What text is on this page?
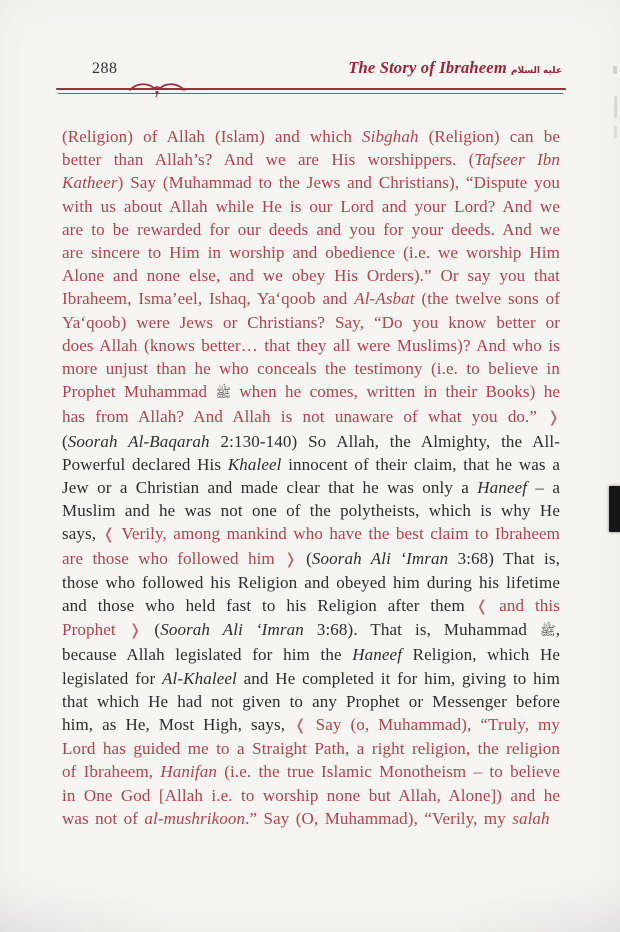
288	The Story of Ibraheem عليه السلام

(Religion) of Allah (Islam) and which Sibghah (Religion) can be better than Allah’s? And we are His worshippers. (Tafseer Ibn Katheer) Say (Muhammad to the Jews and Christians), “Dispute you with us about Allah while He is our Lord and your Lord? And we are to be rewarded for our deeds and you for your deeds. And we are sincere to Him in worship and obedience (i.e. we worship Him Alone and none else, and we obey His Orders).” Or say you that Ibraheem, Isma’eel, Ishaq, Ya‘qoob and Al-Asbat (the twelve sons of Ya‘qoob) were Jews or Christians? Say, “Do you know better or does Allah (knows better… that they all were Muslims)? And who is more unjust than he who conceals the testimony (i.e. to believe in Prophet Muhammad ﷺ when he comes, written in their Books) he has from Allah? And Allah is not unaware of what you do.” ❭ (Soorah Al-Baqarah 2:130-140) So Allah, the Almighty, the All-Powerful declared His Khaleel innocent of their claim, that he was a Jew or a Christian and made clear that he was only a Haneef – a Muslim and he was not one of the polytheists, which is why He says, ❬ Verily, among mankind who have the best claim to Ibraheem are those who followed him ❭ (Soorah Ali ‘Imran 3:68) That is, those who followed his Religion and obeyed him during his lifetime and those who held fast to his Religion after them ❬ and this Prophet ❭ (Soorah Ali ‘Imran 3:68). That is, Muhammad ﷺ, because Allah legislated for him the Haneef Religion, which He legislated for Al-Khaleel and He completed it for him, giving to him that which He had not given to any Prophet or Messenger before him, as He, Most High, says, ❬ Say (o, Muhammad), “Truly, my Lord has guided me to a Straight Path, a right religion, the religion of Ibraheem, Hanifan (i.e. the true Islamic Monotheism – to believe in One God [Allah i.e. to worship none but Allah, Alone]) and he was not of al-mushrikoon.” Say (O, Muhammad), “Verily, my salah
